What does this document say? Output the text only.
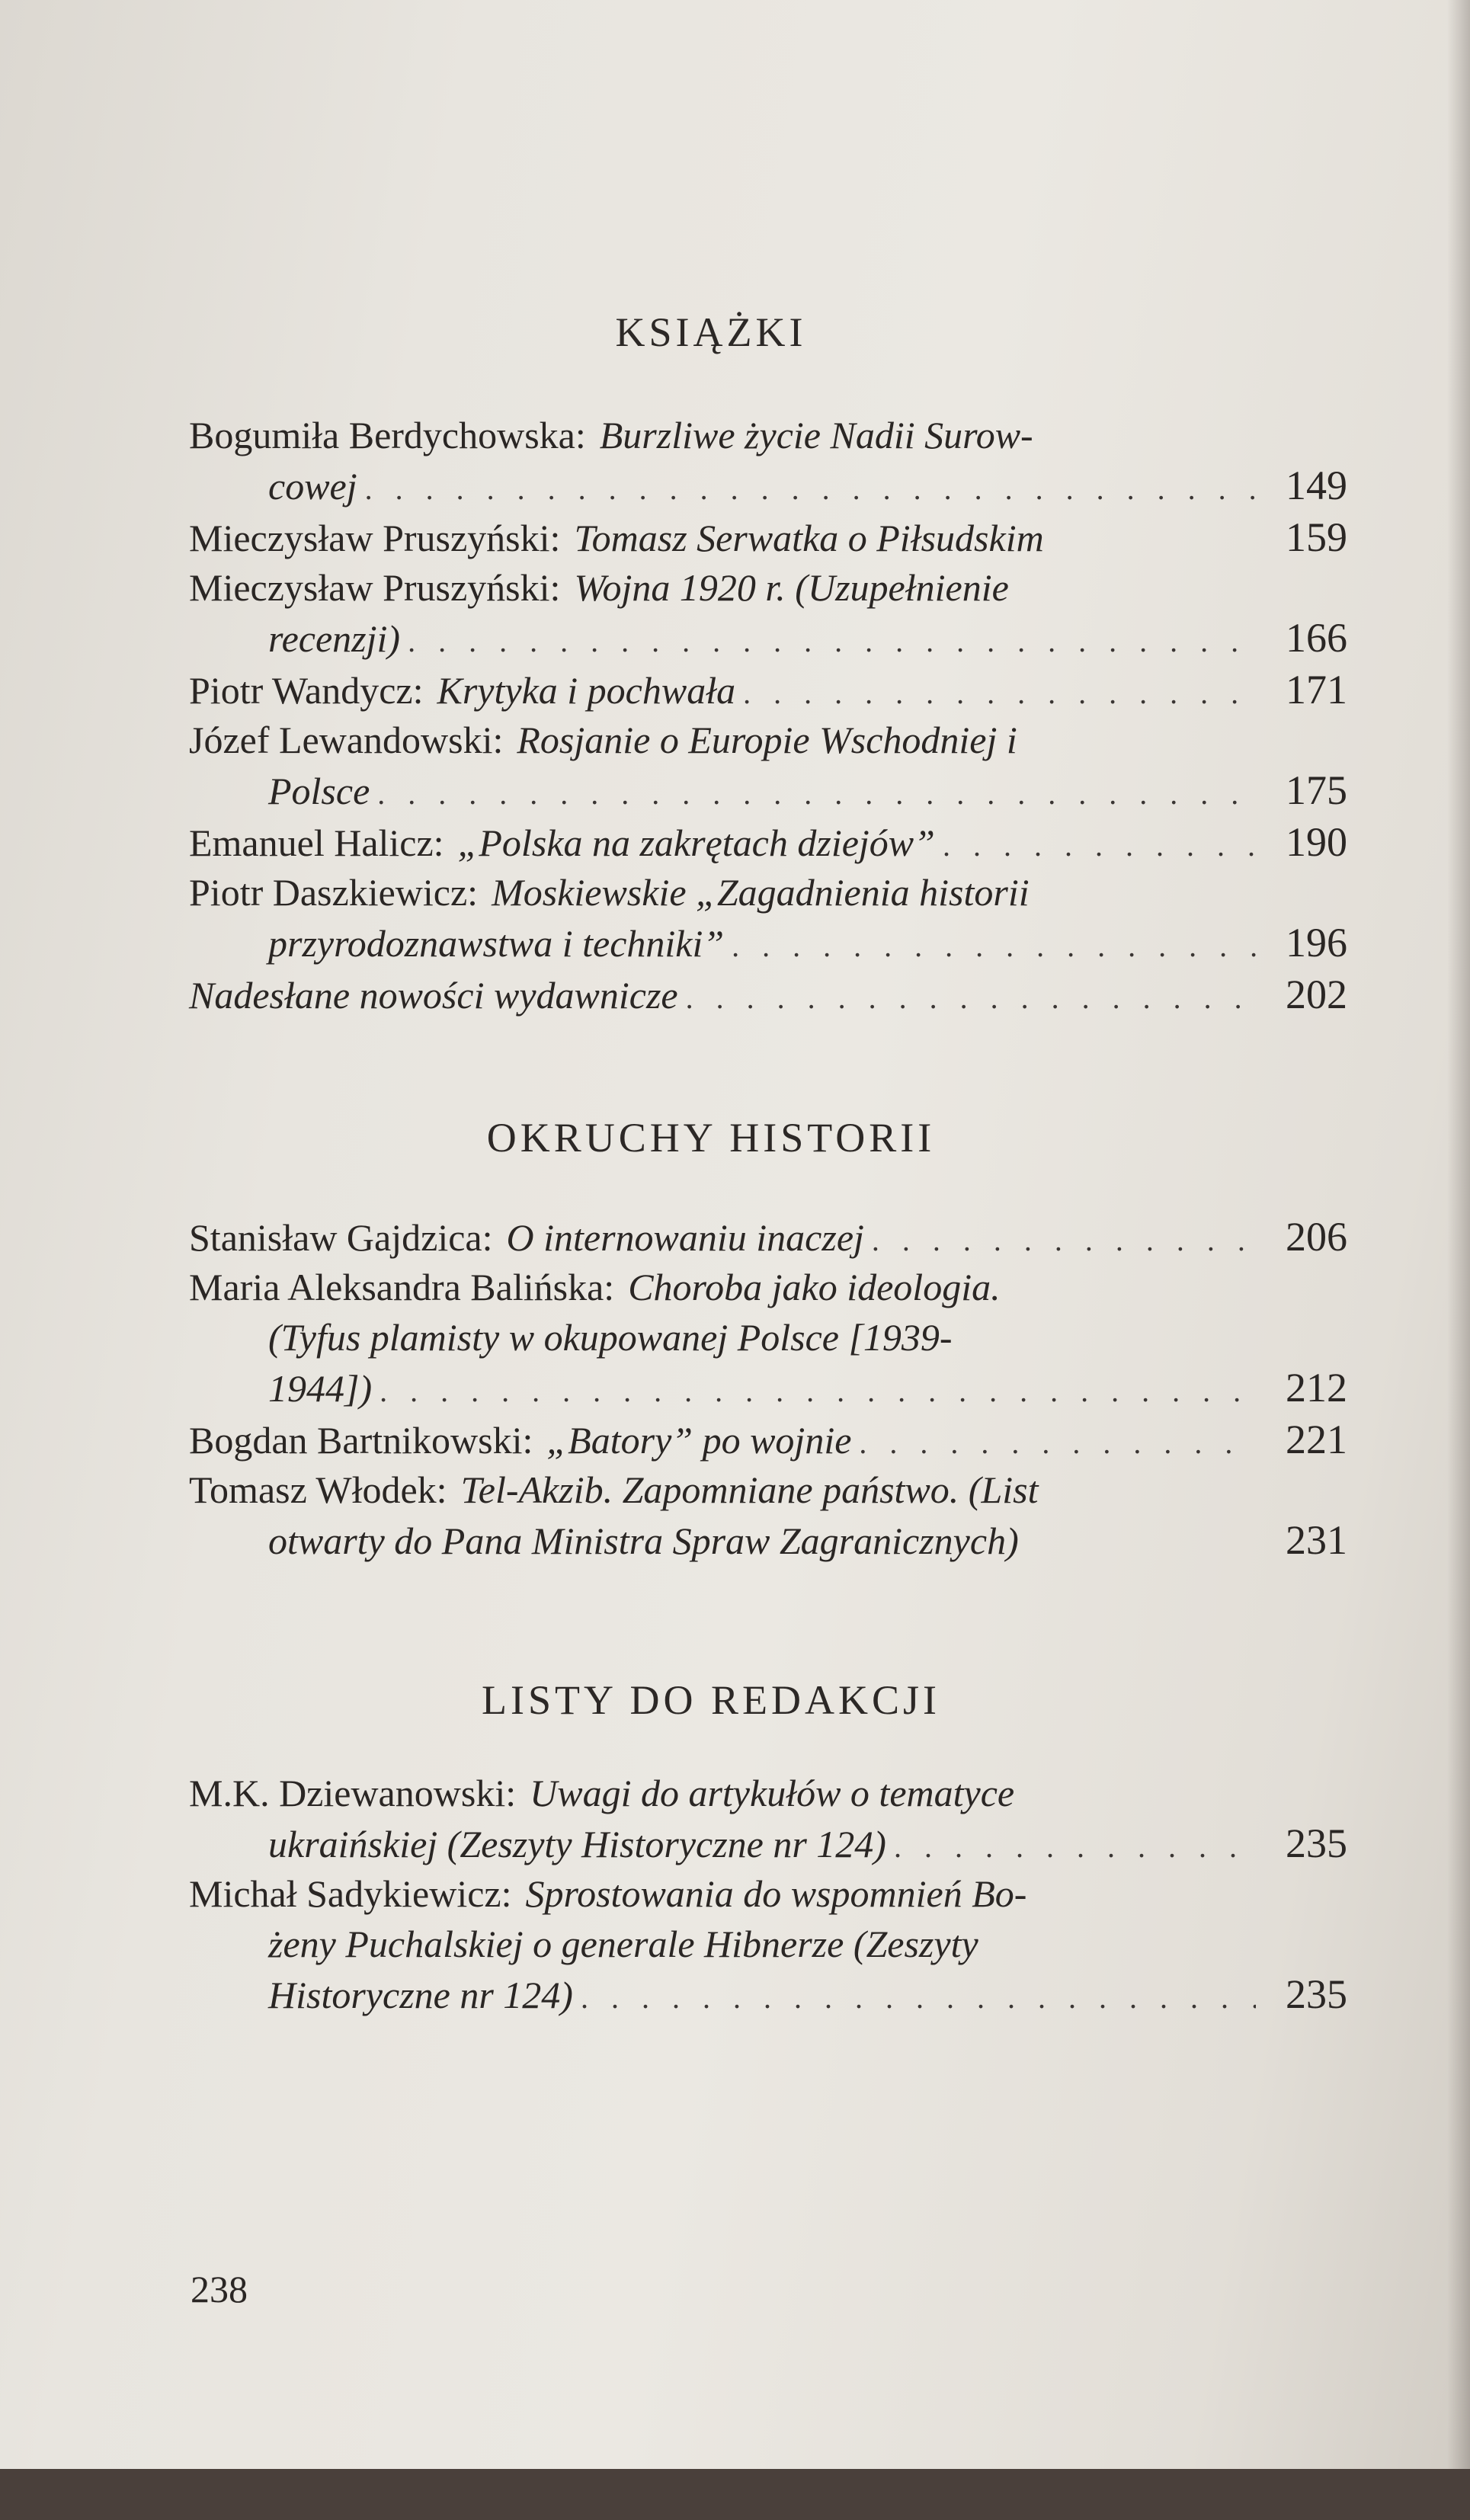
KSIĄŻKI
Bogumiła Berdychowska: Burzliwe życie Nadii Surow-
cowej . . .	149
Mieczysław Pruszyński: Tomasz Serwatka o Piłsudskim	159
Mieczysław Pruszyński: Wojna 1920 r. (Uzupełnienie
recenzji) . . .	166
Piotr Wandycz: Krytyka i pochwała . . .	171
Józef Lewandowski: Rosjanie o Europie Wschodniej i
Polsce . . .	175
Emanuel Halicz: „Polska na zakrętach dziejów” . . .	190
Piotr Daszkiewicz: Moskiewskie „Zagadnienia historii
przyrodoznawstwa i techniki” . . .	196
Nadesłane nowości wydawnicze . . .	202
OKRUCHY HISTORII
Stanisław Gajdzica: O internowaniu inaczej . . .	206
Maria Aleksandra Balińska: Choroba jako ideologia.
(Tyfus plamisty w okupowanej Polsce [1939-
1944]) . . .	212
Bogdan Bartnikowski: „Batory” po wojnie . . .	221
Tomasz Włodek: Tel-Akzib. Zapomniane państwo. (List
otwarty do Pana Ministra Spraw Zagranicznych)	231
LISTY DO REDAKCJI
M.K. Dziewanowski: Uwagi do artykułów o tematyce
ukraińskiej (Zeszyty Historyczne nr 124) . . .	235
Michał Sadykiewicz: Sprostowania do wspomnień Bo-
żeny Puchalskiej o generale Hibnerze (Zeszyty
Historyczne nr 124) . . .	235
238
